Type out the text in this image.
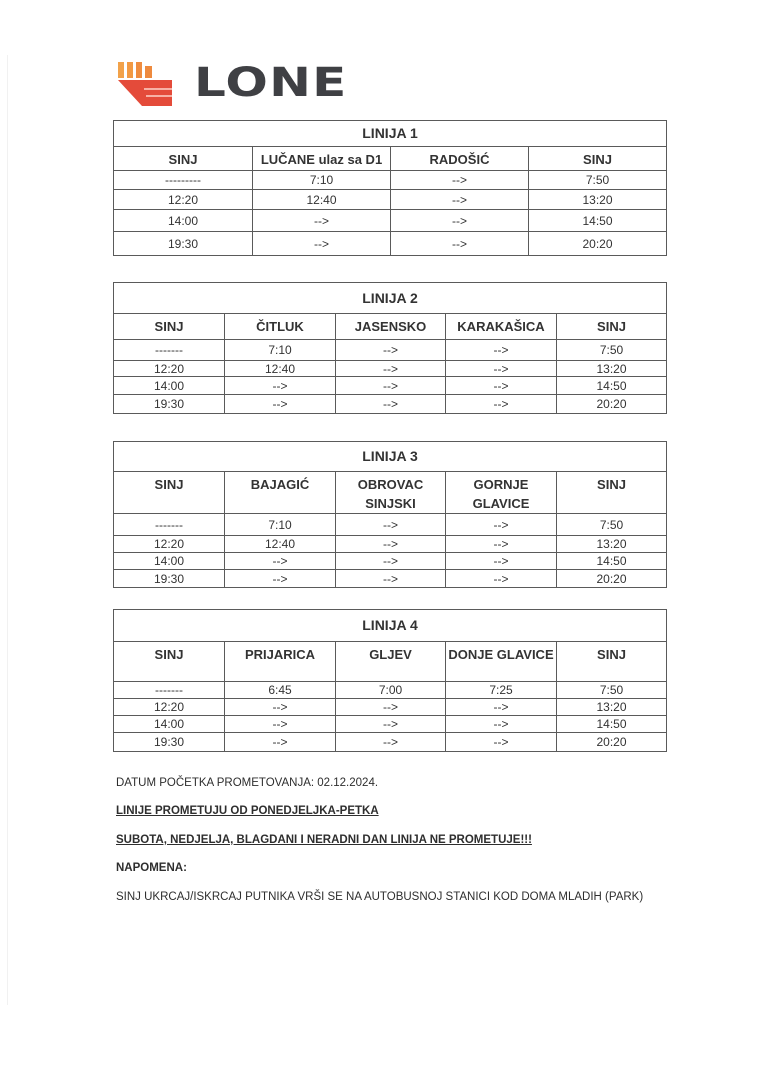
LONE
LINIJA 1			
SINJ	LUČANE ulaz sa D1	RADOŠIĆ	SINJ
---------	7:10	-->	7:50
12:20	12:40	-->	13:20
14:00	-->	-->	14:50
19:30	-->	-->	20:20
LINIJA 2				
SINJ	ČITLUK	JASENSKO	KARAKAŠICA	SINJ
-------	7:10	-->	-->	7:50
12:20	12:40	-->	-->	13:20
14:00	-->	-->	-->	14:50
19:30	-->	-->	-->	20:20
LINIJA 3				
SINJ	BAJAGIĆ	OBROVAC SINJSKI	GORNJE GLAVICE	SINJ
-------	7:10	-->	-->	7:50
12:20	12:40	-->	-->	13:20
14:00	-->	-->	-->	14:50
19:30	-->	-->	-->	20:20
LINIJA 4				
SINJ	PRIJARICA	GLJEV	DONJE GLAVICE	SINJ
-------	6:45	7:00	7:25	7:50
12:20	-->	-->	-->	13:20
14:00	-->	-->	-->	14:50
19:30	-->	-->	-->	20:20
DATUM POČETKA PROMETOVANJA: 02.12.2024.
LINIJE PROMETUJU OD PONEDJELJKA-PETKA
SUBOTA, NEDJELJA, BLAGDANI I NERADNI DAN LINIJA NE PROMETUJE!!!
NAPOMENA:
SINJ UKRCAJ/ISKRCAJ PUTNIKA VRŠI SE NA AUTOBUSNOJ STANICI KOD DOMA MLADIH (PARK)
